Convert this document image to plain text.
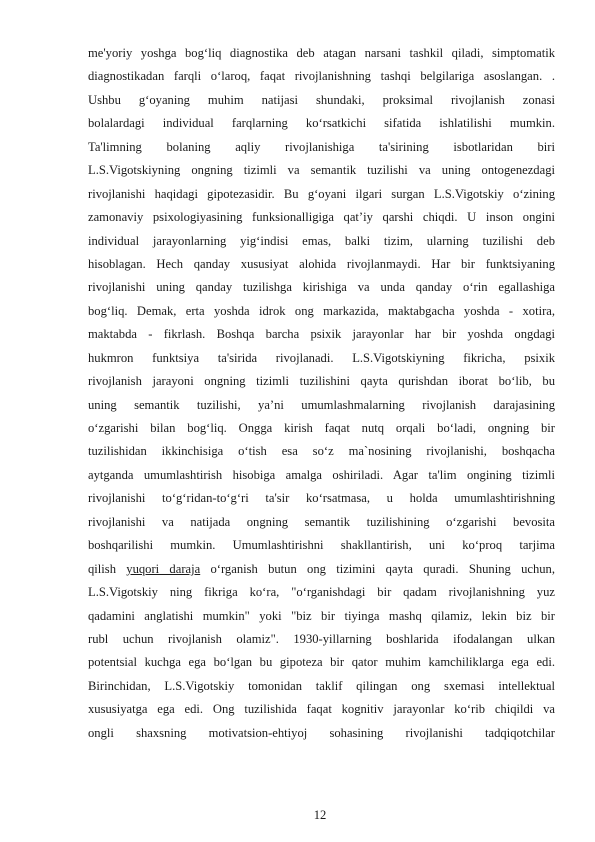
me'yoriy yoshga bog‘liq diagnostika deb atagan narsani tashkil qiladi, simptomatik
diagnostikadan farqli o‘laroq, faqat rivojlanishning tashqi belgilariga asoslangan. .
Ushbu g‘oyaning muhim natijasi shundaki, proksimal rivojlanish zonasi
bolalardagi individual farqlarning ko‘rsatkichi sifatida ishlatilishi mumkin.
Ta'limning bolaning aqliy rivojlanishiga ta'sirining isbotlaridan biri
L.S.Vigotskiyning ongning tizimli va semantik tuzilishi va uning ontogenezdagi
rivojlanishi haqidagi gipotezasidir. Bu g‘oyani ilgari surgan L.S.Vigotskiy o‘zining
zamonaviy psixologiyasining funksionalligiga qat’iy qarshi chiqdi. U inson ongini
individual jarayonlarning yig‘indisi emas, balki tizim, ularning tuzilishi deb
hisoblagan. Hech qanday xususiyat alohida rivojlanmaydi. Har bir funktsiyaning
rivojlanishi uning qanday tuzilishga kirishiga va unda qanday o‘rin egallashiga
bog‘liq. Demak, erta yoshda idrok ong markazida, maktabgacha yoshda - xotira,
maktabda - fikrlash. Boshqa barcha psixik jarayonlar har bir yoshda ongdagi
hukmron funktsiya ta'sirida rivojlanadi. L.S.Vigotskiyning fikricha, psixik
rivojlanish jarayoni ongning tizimli tuzilishini qayta qurishdan iborat bo‘lib, bu
uning semantik tuzilishi, ya’ni umumlashmalarning rivojlanish darajasining
o‘zgarishi bilan bog‘liq. Ongga kirish faqat nutq orqali bo‘ladi, ongning bir
tuzilishidan ikkinchisiga o‘tish esa so‘z ma`nosining rivojlanishi, boshqacha
aytganda umumlashtirish hisobiga amalga oshiriladi. Agar ta'lim ongining tizimli
rivojlanishi to‘g‘ridan-to‘g‘ri ta'sir ko‘rsatmasa, u holda umumlashtirishning
rivojlanishi va natijada ongning semantik tuzilishining o‘zgarishi bevosita
boshqarilishi mumkin. Umumlashtirishni shakllantirish, uni ko‘proq tarjima
qilish yuqori daraja o‘rganish butun ong tizimini qayta quradi. Shuning uchun,
L.S.Vigotskiy ning fikriga ko‘ra, "o‘rganishdagi bir qadam rivojlanishning yuz
qadamini anglatishi mumkin" yoki "biz bir tiyinga mashq qilamiz, lekin biz bir
rubl uchun rivojlanish olamiz". 1930-yillarning boshlarida ifodalangan ulkan
potentsial kuchga ega bo‘lgan bu gipoteza bir qator muhim kamchiliklarga ega edi.
Birinchidan, L.S.Vigotskiy tomonidan taklif qilingan ong sxemasi intellektual
xususiyatga ega edi. Ong tuzilishida faqat kognitiv jarayonlar ko‘rib chiqildi va
ongli shaxsning motivatsion-ehtiyoj sohasining rivojlanishi tadqiqotchilar
12
